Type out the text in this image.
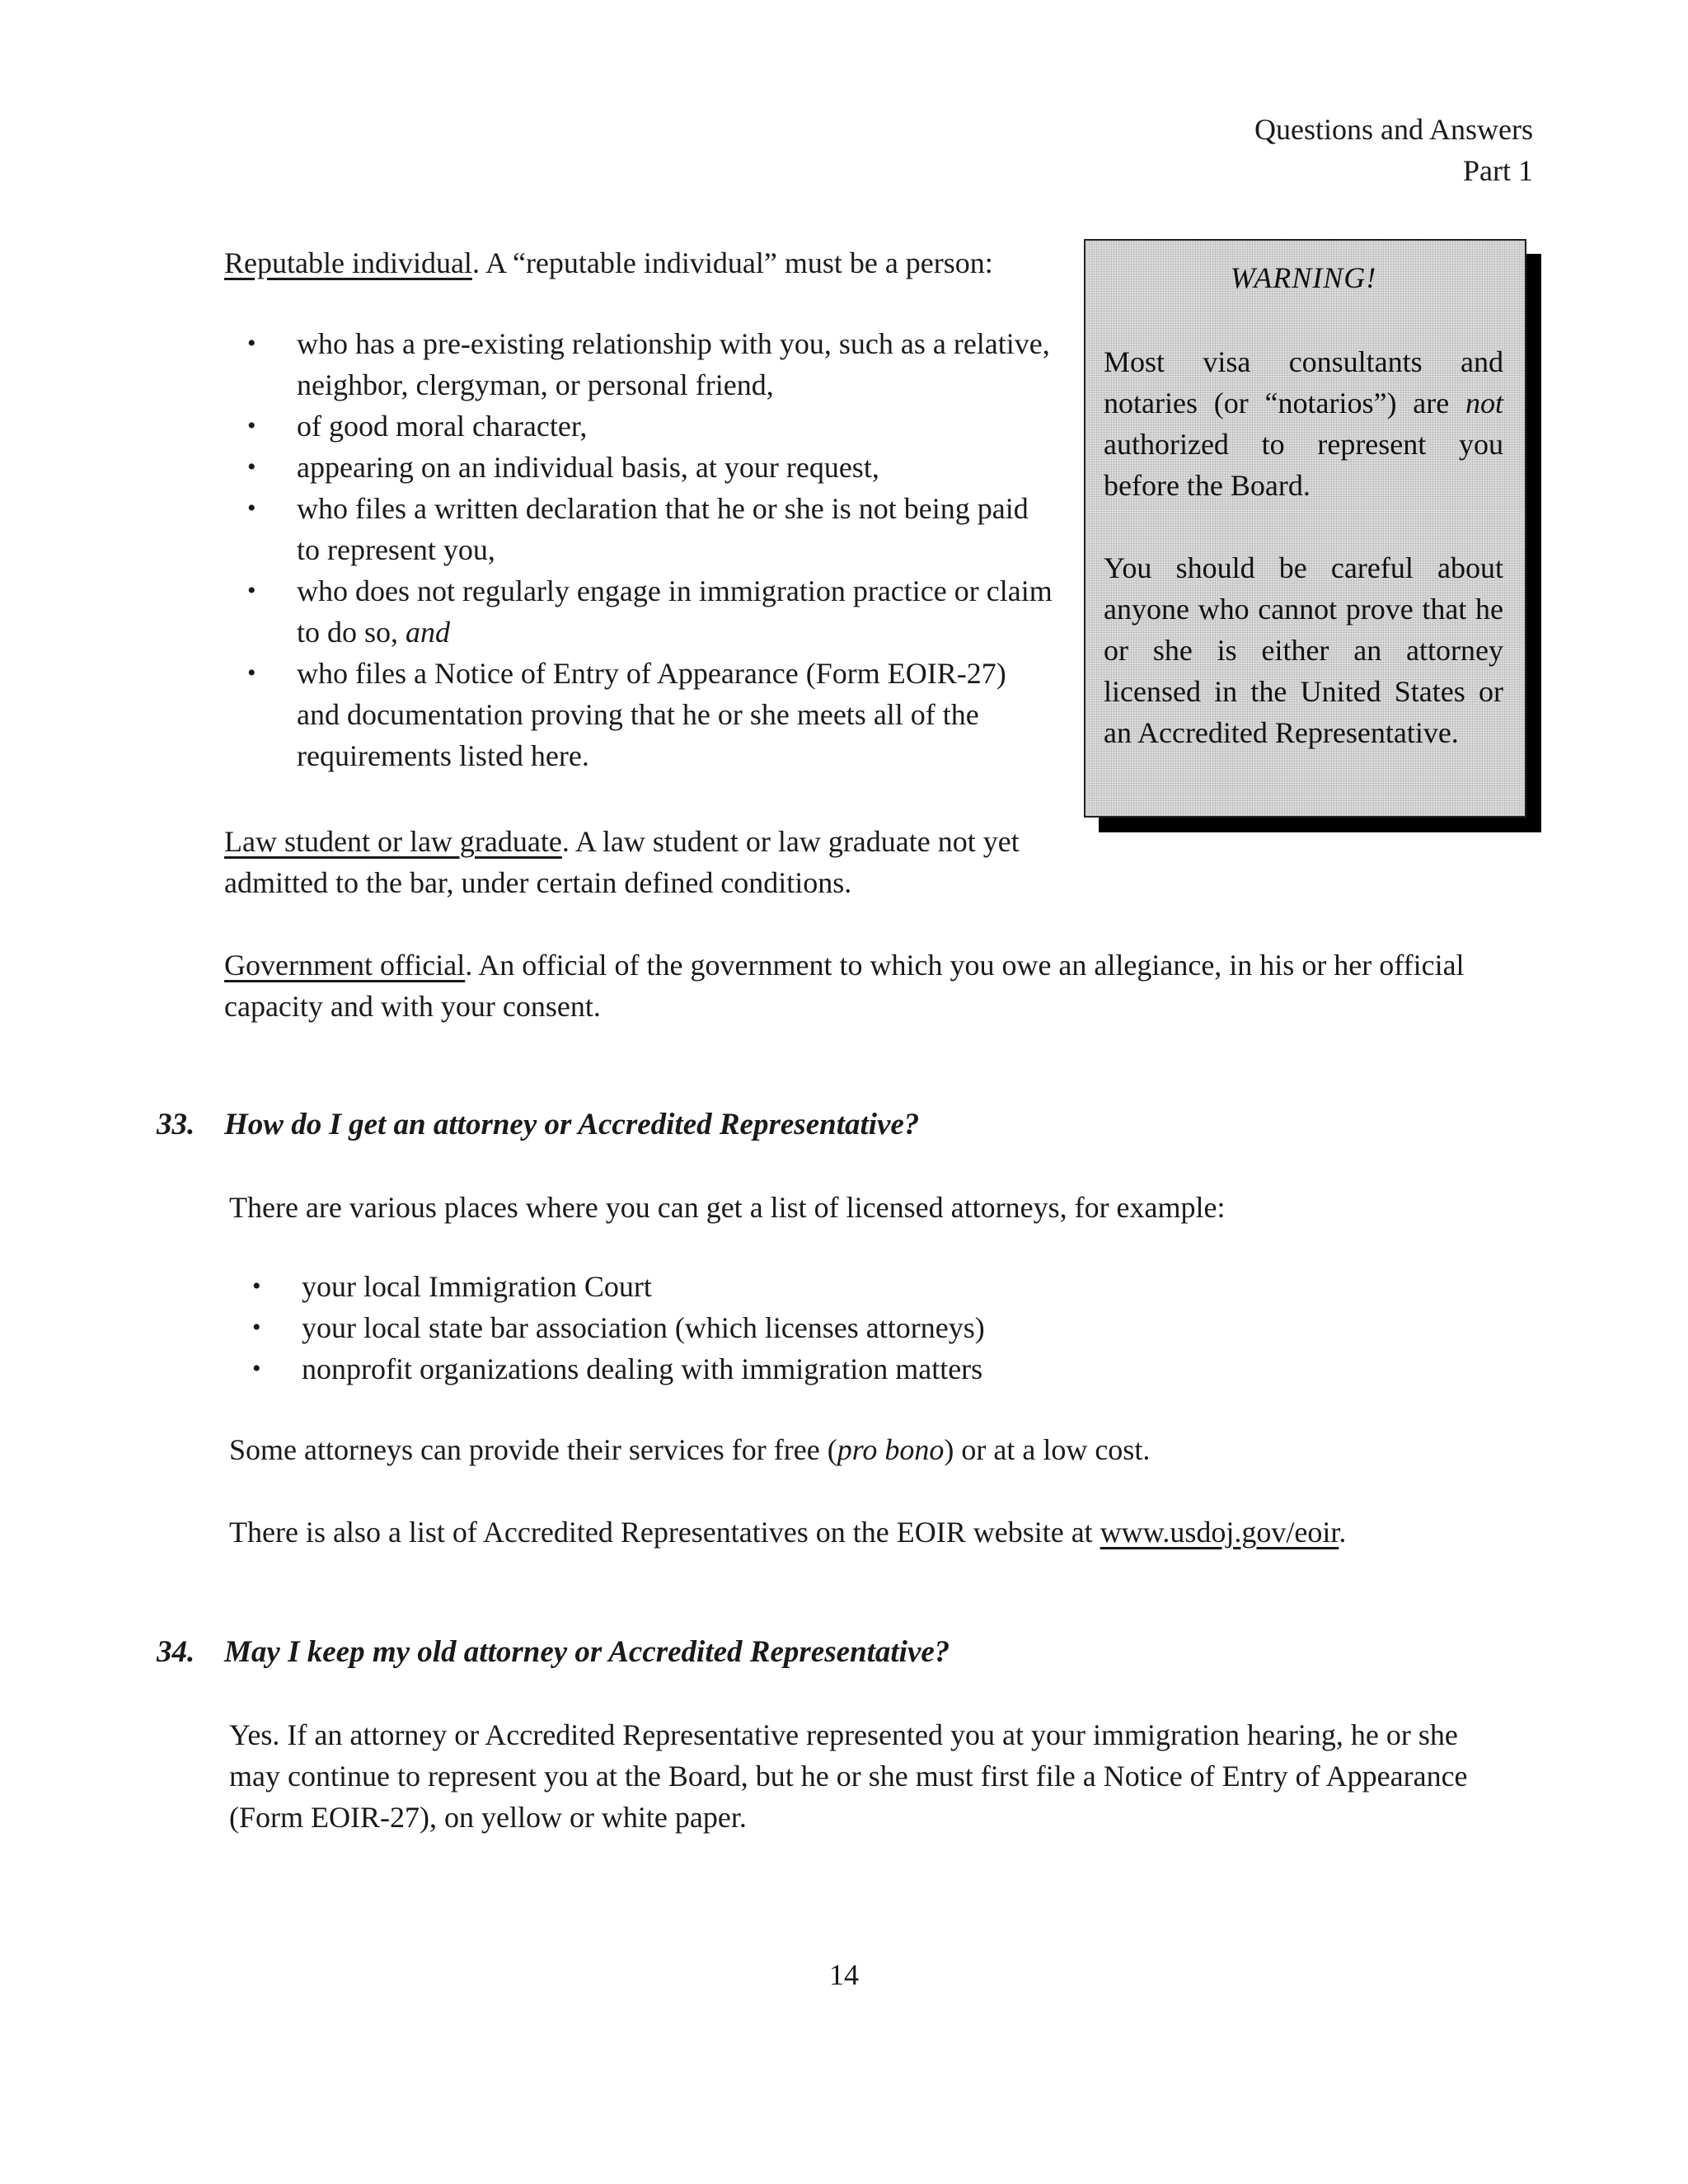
Questions and Answers
Part 1
Reputable individual. A “reputable individual” must be a person:
• who has a pre-existing relationship with you, such as a relative,
neighbor, clergyman, or personal friend,
• of good moral character,
• appearing on an individual basis, at your request,
• who files a written declaration that he or she is not being paid
to represent you,
• who does not regularly engage in immigration practice or claim
to do so, and
• who files a Notice of Entry of Appearance (Form EOIR-27)
and documentation proving that he or she meets all of the
requirements listed here.
WARNING!

Most visa consultants and notaries (or “notarios”) are not authorized to represent you before the Board.

You should be careful about anyone who cannot prove that he or she is either an attorney licensed in the United States or an Accredited Representative.

Law student or law graduate. A law student or law graduate not yet
admitted to the bar, under certain defined conditions.
Government official. An official of the government to which you owe an allegiance, in his or her official
capacity and with your consent.
33. How do I get an attorney or Accredited Representative?
There are various places where you can get a list of licensed attorneys, for example:
• your local Immigration Court
• your local state bar association (which licenses attorneys)
• nonprofit organizations dealing with immigration matters
Some attorneys can provide their services for free (pro bono) or at a low cost.
There is also a list of Accredited Representatives on the EOIR website at www.usdoj.gov/eoir.
34. May I keep my old attorney or Accredited Representative?
Yes. If an attorney or Accredited Representative represented you at your immigration hearing, he or she
may continue to represent you at the Board, but he or she must first file a Notice of Entry of Appearance
(Form EOIR-27), on yellow or white paper.
14
